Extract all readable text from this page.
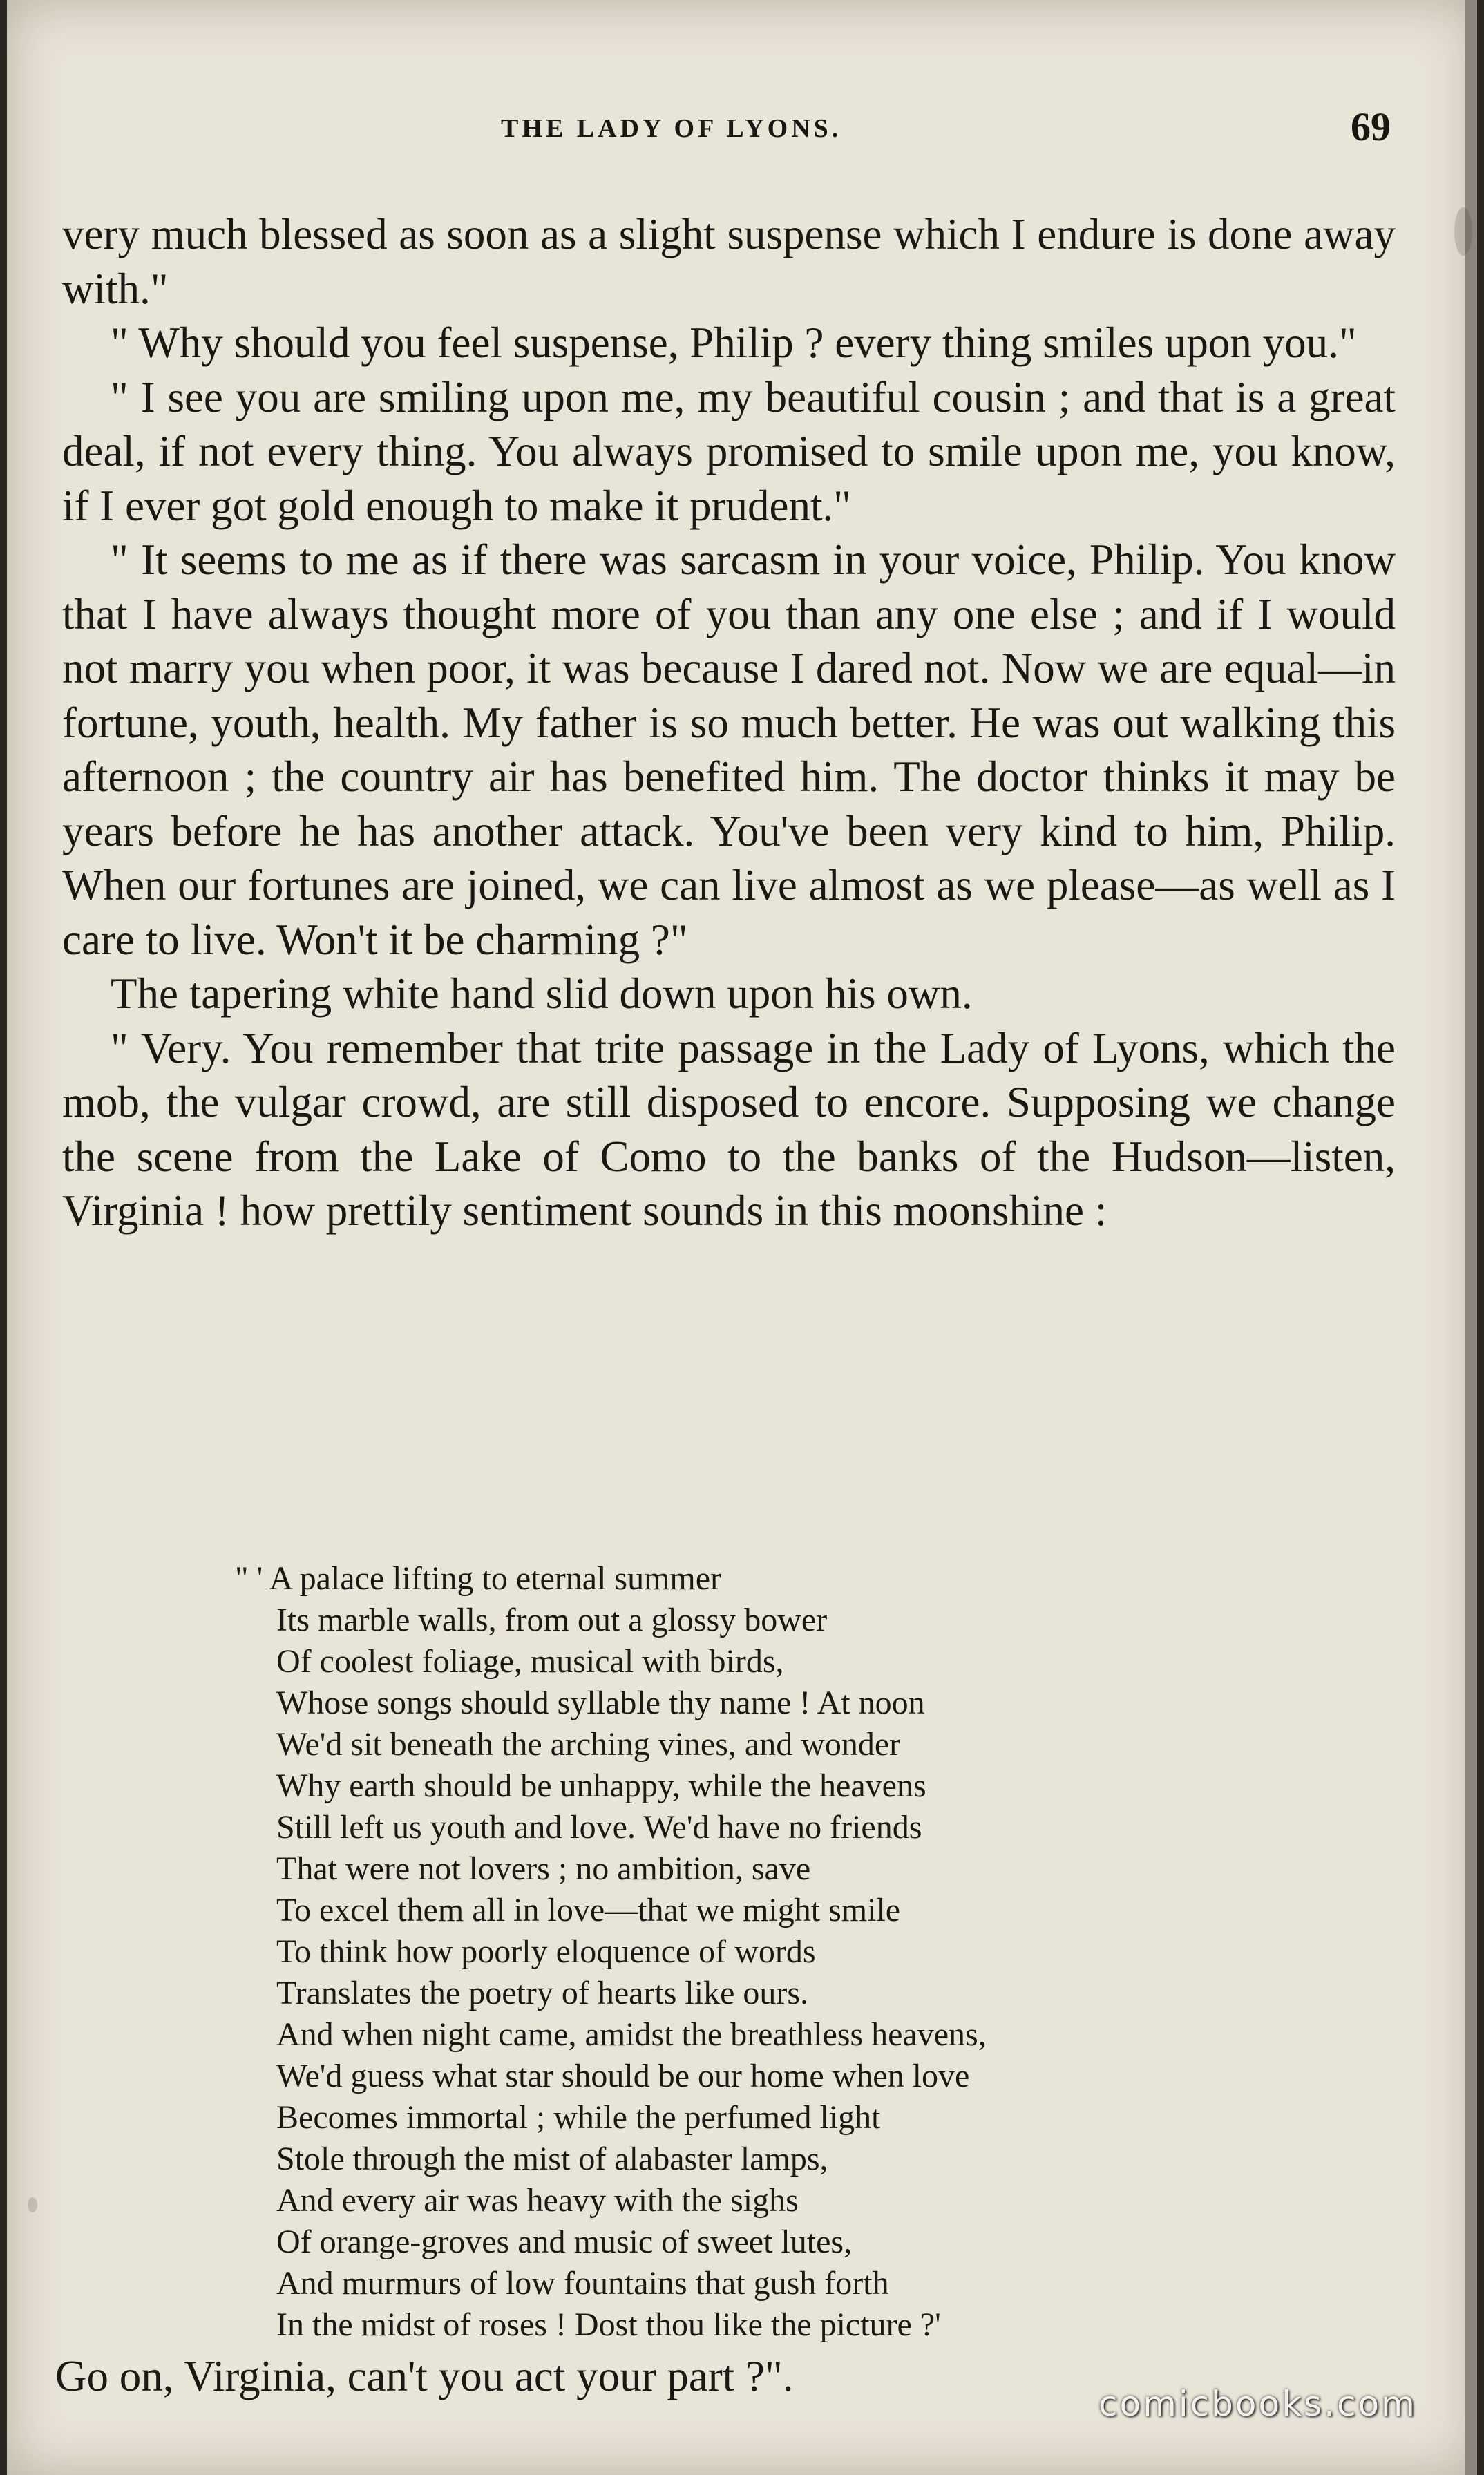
THE LADY OF LYONS.	69

very much blessed as soon as a slight suspense which I endure is done away with."

" Why should you feel suspense, Philip ? every thing smiles upon you."

" I see you are smiling upon me, my beautiful cousin ; and that is a great deal, if not every thing. You always promised to smile upon me, you know, if I ever got gold enough to make it prudent."

" It seems to me as if there was sarcasm in your voice, Philip. You know that I have always thought more of you than any one else ; and if I would not marry you when poor, it was because I dared not. Now we are equal—in fortune, youth, health. My father is so much better. He was out walking this afternoon ; the country air has benefited him. The doctor thinks it may be years before he has another attack. You've been very kind to him, Philip. When our fortunes are joined, we can live almost as we please—as well as I care to live. Won't it be charming ?"

The tapering white hand slid down upon his own.

" Very. You remember that trite passage in the Lady of Lyons, which the mob, the vulgar crowd, are still disposed to encore. Supposing we change the scene from the Lake of Como to the banks of the Hudson—listen, Virginia ! how prettily sentiment sounds in this moonshine :

" ' A palace lifting to eternal summer
Its marble walls, from out a glossy bower
Of coolest foliage, musical with birds,
Whose songs should syllable thy name ! At noon
We'd sit beneath the arching vines, and wonder
Why earth should be unhappy, while the heavens
Still left us youth and love. We'd have no friends
That were not lovers ; no ambition, save
To excel them all in love—that we might smile
To think how poorly eloquence of words
Translates the poetry of hearts like ours.
And when night came, amidst the breathless heavens,
We'd guess what star should be our home when love
Becomes immortal ; while the perfumed light
Stole through the mist of alabaster lamps,
And every air was heavy with the sighs
Of orange-groves and music of sweet lutes,
And murmurs of low fountains that gush forth
In the midst of roses ! Dost thou like the picture ?'
Go on, Virginia, can't you act your part ?".
comicbooks.com
